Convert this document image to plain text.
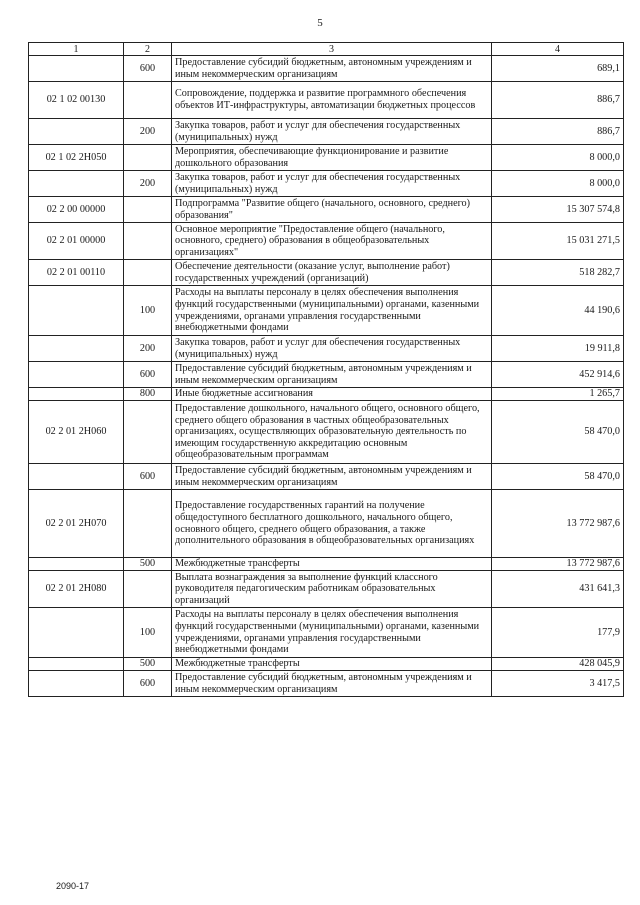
5
1	2	3	4
	600	Предоставление субсидий бюджетным, автономным учреждениям и иным некоммерческим организациям	689,1
02 1 02 00130		Сопровождение, поддержка и развитие программного обеспечения объектов ИТ-инфраструктуры, автоматизации бюджетных процессов	886,7
	200	Закупка товаров, работ и услуг для обеспечения государственных (муниципальных) нужд	886,7
02 1 02 2Н050		Мероприятия, обеспечивающие функционирование и развитие дошкольного образования	8 000,0
	200	Закупка товаров, работ и услуг для обеспечения государственных (муниципальных) нужд	8 000,0
02 2 00 00000		Подпрограмма "Развитие общего (начального, основного, среднего) образования"	15 307 574,8
02 2 01 00000		Основное мероприятие "Предоставление общего (начального, основного, среднего) образования в общеобразовательных организациях"	15 031 271,5
02 2 01 00110		Обеспечение деятельности (оказание услуг, выполнение работ) государственных учреждений (организаций)	518 282,7
	100	Расходы на выплаты персоналу в целях обеспечения выполнения функций государственными (муниципальными) органами, казенными учреждениями, органами управления государственными внебюджетными фондами	44 190,6
	200	Закупка товаров, работ и услуг для обеспечения государственных (муниципальных) нужд	19 911,8
	600	Предоставление субсидий бюджетным, автономным учреждениям и иным некоммерческим организациям	452 914,6
	800	Иные бюджетные ассигнования	1 265,7
02 2 01 2Н060		Предоставление дошкольного, начального общего, основного общего, среднего общего образования в частных общеобразовательных организациях, осуществляющих образовательную деятельность по имеющим государственную аккредитацию основным общеобразовательным программам	58 470,0
	600	Предоставление субсидий бюджетным, автономным учреждениям и иным некоммерческим организациям	58 470,0
02 2 01 2Н070		Предоставление государственных гарантий на получение общедоступного бесплатного дошкольного, начального общего, основного общего, среднего общего образования, а также дополнительного образования в общеобразовательных организациях	13 772 987,6
	500	Межбюджетные трансферты	13 772 987,6
02 2 01 2Н080		Выплата вознаграждения за выполнение функций классного руководителя педагогическим работникам образовательных организаций	431 641,3
	100	Расходы на выплаты персоналу в целях обеспечения выполнения функций государственными (муниципальными) органами, казенными учреждениями, органами управления государственными внебюджетными фондами	177,9
	500	Межбюджетные трансферты	428 045,9
	600	Предоставление субсидий бюджетным, автономным учреждениям и иным некоммерческим организациям	3 417,5
2090-17
